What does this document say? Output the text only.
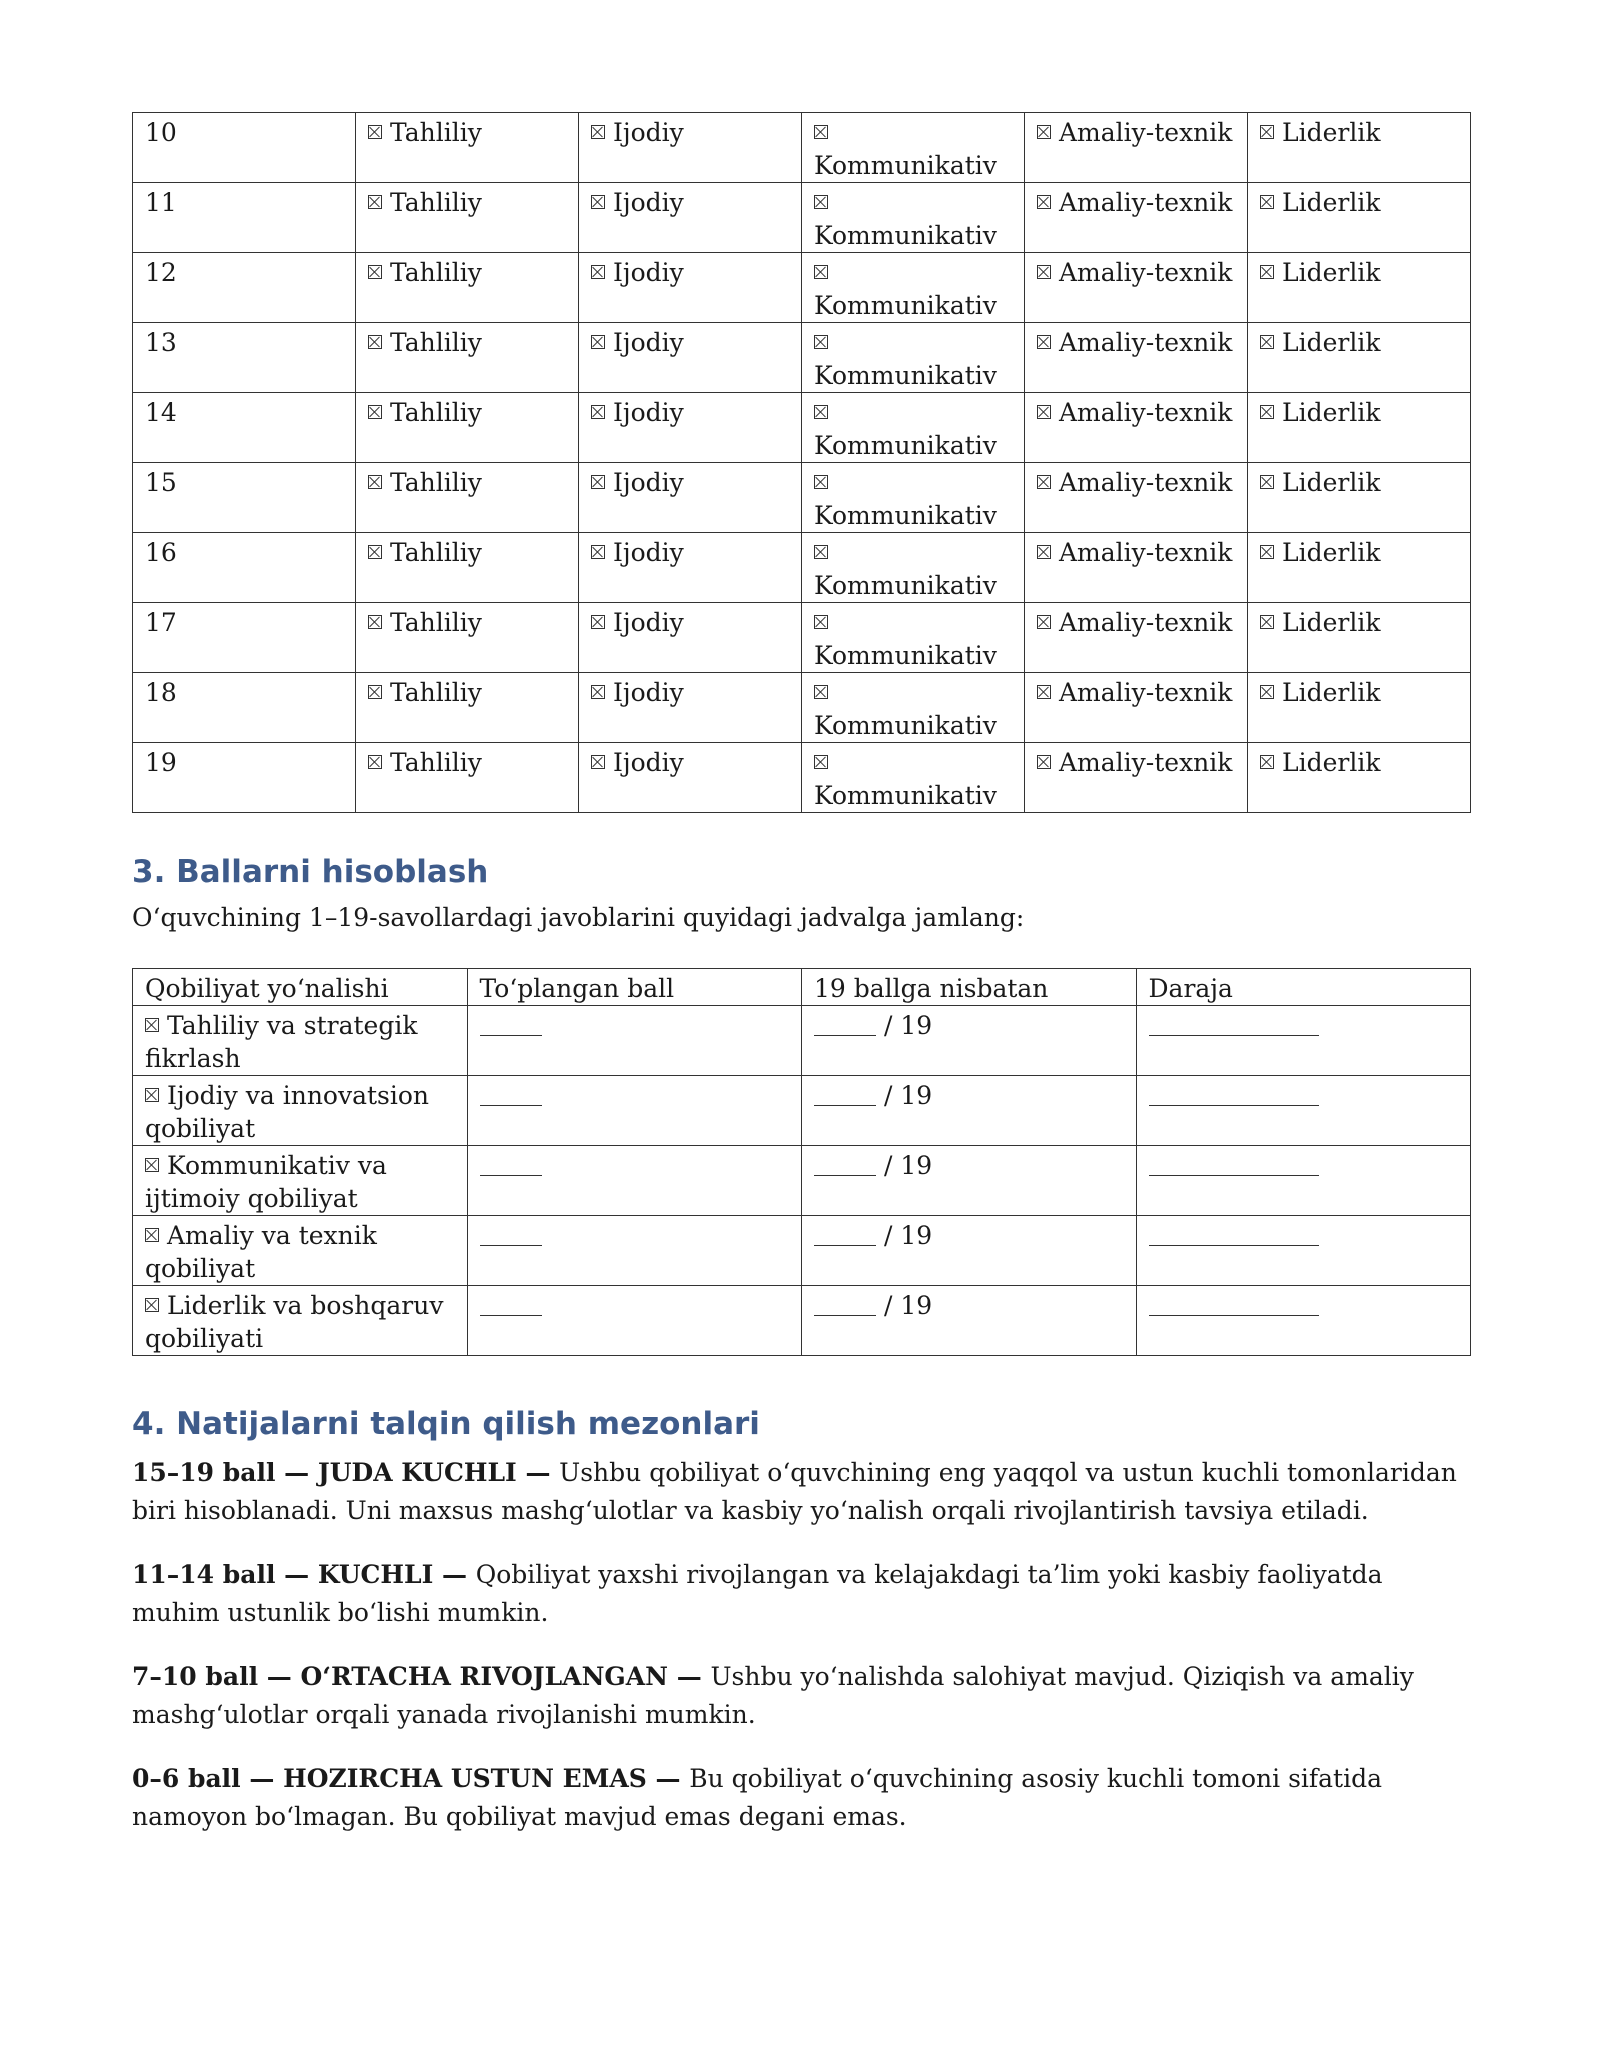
10	Tahliliy	Ijodiy	Kommunikativ	Amaliy-texnik	Liderlik
11	Tahliliy	Ijodiy	Kommunikativ	Amaliy-texnik	Liderlik
12	Tahliliy	Ijodiy	Kommunikativ	Amaliy-texnik	Liderlik
13	Tahliliy	Ijodiy	Kommunikativ	Amaliy-texnik	Liderlik
14	Tahliliy	Ijodiy	Kommunikativ	Amaliy-texnik	Liderlik
15	Tahliliy	Ijodiy	Kommunikativ	Amaliy-texnik	Liderlik
16	Tahliliy	Ijodiy	Kommunikativ	Amaliy-texnik	Liderlik
17	Tahliliy	Ijodiy	Kommunikativ	Amaliy-texnik	Liderlik
18	Tahliliy	Ijodiy	Kommunikativ	Amaliy-texnik	Liderlik
19	Tahliliy	Ijodiy	Kommunikativ	Amaliy-texnik	Liderlik
3. Ballarni hisoblash
O‘quvchining 1–19-savollardagi javoblarini quyidagi jadvalga jamlang:
Qobiliyat yo‘nalishi	To‘plangan ball	19 ballga nisbatan	Daraja
Tahliliy va strategik fikrlash		/ 19	
Ijodiy va innovatsion qobiliyat		/ 19	
Kommunikativ va ijtimoiy qobiliyat		/ 19	
Amaliy va texnik qobiliyat		/ 19	
Liderlik va boshqaruv qobiliyati		/ 19	
4. Natijalarni talqin qilish mezonlari

15–19 ball — JUDA KUCHLI — Ushbu qobiliyat o‘quvchining eng yaqqol va ustun kuchli tomonlaridan biri hisoblanadi. Uni maxsus mashg‘ulotlar va kasbiy yo‘nalish orqali rivojlantirish tavsiya etiladi.

11–14 ball — KUCHLI — Qobiliyat yaxshi rivojlangan va kelajakdagi ta’lim yoki kasbiy faoliyatda muhim ustunlik bo‘lishi mumkin.

7–10 ball — O‘RTACHA RIVOJLANGAN — Ushbu yo‘nalishda salohiyat mavjud. Qiziqish va amaliy mashg‘ulotlar orqali yanada rivojlanishi mumkin.

0–6 ball — HOZIRCHA USTUN EMAS — Bu qobiliyat o‘quvchining asosiy kuchli tomoni sifatida namoyon bo‘lmagan. Bu qobiliyat mavjud emas degani emas.
